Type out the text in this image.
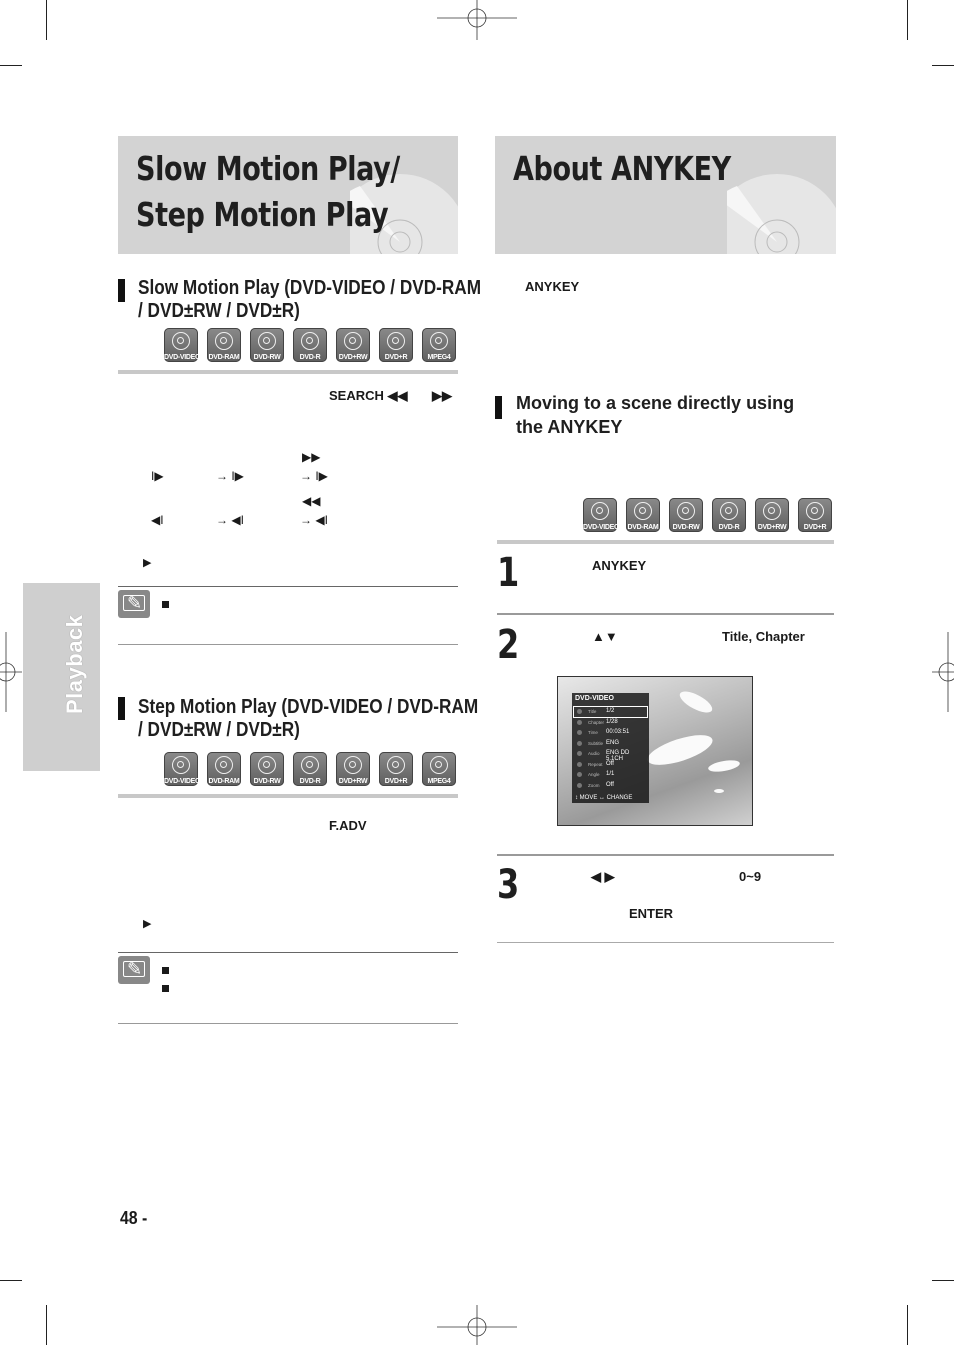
Playback
Slow Motion Play/
Step Motion Play
About ANYKEY
Slow Motion Play (DVD-VIDEO / DVD-RAM
/ DVD±RW / DVD±R)
DVD-VIDEO DVD-RAM	DVD-RW	DVD-R	DVD+RW	DVD+R	MPEG4
SEARCH ◀◀ ▶▶
▶▶
I▶	→ I▶	→ I▶
◀◀
◀I	→ ◀I	→ ◀I
▶
✎
Step Motion Play (DVD-VIDEO / DVD-RAM
/ DVD±RW / DVD±R)
DVD-VIDEO DVD-RAM	DVD-RW	DVD-R	DVD+RW	DVD+R	MPEG4
F.ADV
▶
✎
ANYKEY
Moving to a scene directly using
the ANYKEY
DVD-VIDEO DVD-RAM	DVD-RW	DVD-R	DVD+RW	DVD+R
1	ANYKEY
2	▲▼	Title, Chapter
DVD-VIDEO
Title 1/2
Chapter 1/28
Time 00:03:51
Subtitle ENG
Audio ENG DD 5.1CH
Repeat Off
Angle 1/1
Zoom Off
↕ MOVE ↔ CHANGE
3	◀ ▶	0~9
ENTER
48 -
